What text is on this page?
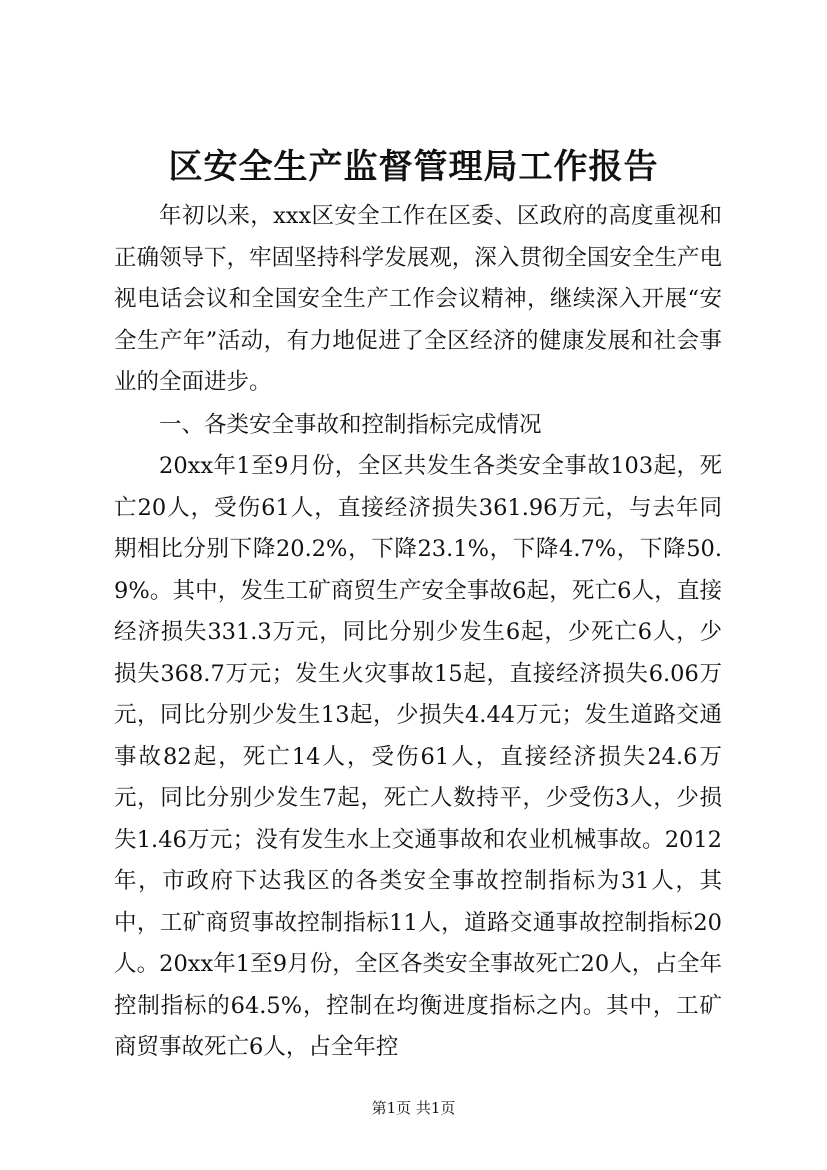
区安全生产监督管理局工作报告

年初以来，xxx区安全工作在区委、区政府的高度重视和正确领导下，牢固坚持科学发展观，深入贯彻全国安全生产电视电话会议和全国安全生产工作会议精神，继续深入开展“安全生产年”活动，有力地促进了全区经济的健康发展和社会事业的全面进步。

一、各类安全事故和控制指标完成情况

20xx年1至9月份，全区共发生各类安全事故103起，死亡20人，受伤61人，直接经济损失361.96万元，与去年同期相比分别下降20.2%，下降23.1%，下降4.7%，下降50.9%。其中，发生工矿商贸生产安全事故6起，死亡6人，直接经济损失331.3万元，同比分别少发生6起，少死亡6人，少损失368.7万元；发生火灾事故15起，直接经济损失6.06万元，同比分别少发生13起，少损失4.44万元；发生道路交通事故82起，死亡14人，受伤61人，直接经济损失24.6万元，同比分别少发生7起，死亡人数持平，少受伤3人，少损失1.46万元；没有发生水上交通事故和农业机械事故。2012年，市政府下达我区的各类安全事故控制指标为31人，其中，工矿商贸事故控制指标11人，道路交通事故控制指标20人。20xx年1至9月份，全区各类安全事故死亡20人，占全年控制指标的64.5%，控制在均衡进度指标之内。其中，工矿商贸事故死亡6人，占全年控

第1页 共1页
